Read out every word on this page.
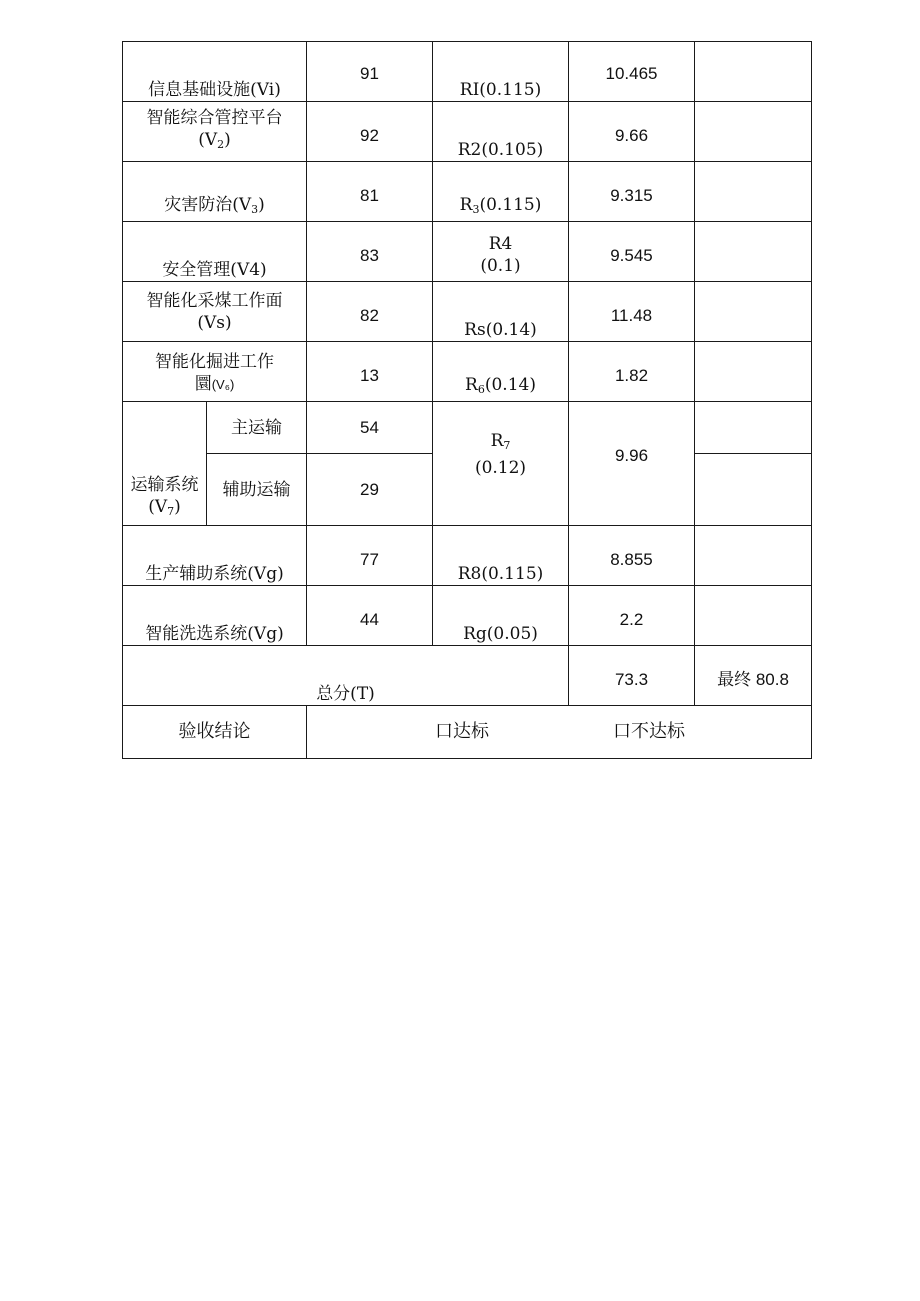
信息基础设施(Vi)		91	RI(0.115)	10.465	

智能综合管控平台
$(V_2)$		92	R2(0.105)	9.66	

灾害防治$(V_3)$		81	$R_3(0.115)$	9.315	

安全管理(V4)		83	R4
(0.1)	9.545	

智能化采煤工作面
(Vs)		82	Rs(0.14)	11.48	

智能化掘进工作
圜(V₆)		13	$R_6(0.14)$	1.82	

运输系统
$(V_7)$	主运输	54	$R_7$
(0.12)	9.96	

	辅助运输	29			

生产辅助系统(Vg)		77	R8(0.115)	8.855	

智能洗选系统(Vg)		44	Rg(0.05)	2.2	

总分(T)				73.3	最终 80.8

验收结论		口达标 口不达标			
